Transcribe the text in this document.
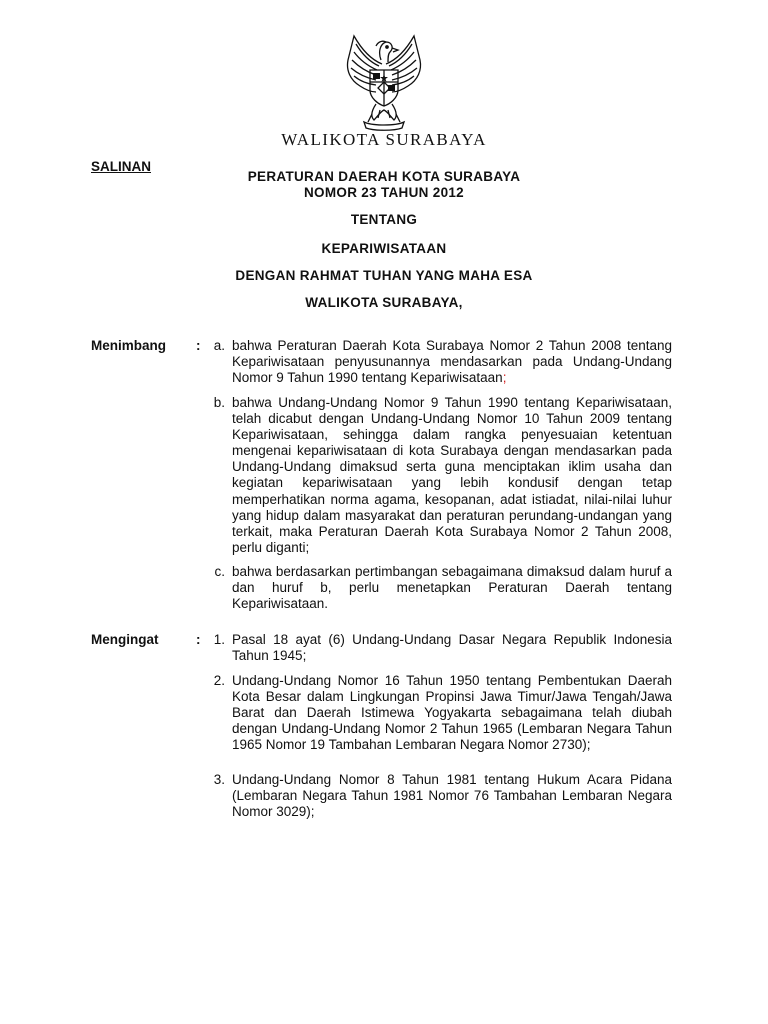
WALIKOTA SURABAYA
SALINAN
PERATURAN DAERAH KOTA SURABAYA
NOMOR 23 TAHUN 2012
TENTANG
KEPARIWISATAAN
DENGAN RAHMAT TUHAN YANG MAHA ESA
WALIKOTA SURABAYA,
Menimbang : a. bahwa Peraturan Daerah Kota Surabaya Nomor 2 Tahun 2008 tentang Kepariwisataan penyusunannya mendasarkan pada Undang-Undang Nomor 9 Tahun 1990 tentang Kepariwisataan;
b. bahwa Undang-Undang Nomor 9 Tahun 1990 tentang Kepariwisataan, telah dicabut dengan Undang-Undang Nomor 10 Tahun 2009 tentang Kepariwisataan, sehingga dalam rangka penyesuaian ketentuan mengenai kepariwisataan di kota Surabaya dengan mendasarkan pada Undang-Undang dimaksud serta guna menciptakan iklim usaha dan kegiatan kepariwisataan yang lebih kondusif dengan tetap memperhatikan norma agama, kesopanan, adat istiadat, nilai-nilai luhur yang hidup dalam masyarakat dan peraturan perundang-undangan yang terkait, maka Peraturan Daerah Kota Surabaya Nomor 2 Tahun 2008, perlu diganti;
c. bahwa berdasarkan pertimbangan sebagaimana dimaksud dalam huruf a dan huruf b, perlu menetapkan Peraturan Daerah tentang Kepariwisataan.
Mengingat	: 1. Pasal 18 ayat (6) Undang-Undang Dasar Negara Republik Indonesia Tahun 1945;
2. Undang-Undang Nomor 16 Tahun 1950 tentang Pembentukan Daerah Kota Besar dalam Lingkungan Propinsi Jawa Timur/Jawa Tengah/Jawa Barat dan Daerah Istimewa Yogyakarta sebagaimana telah diubah dengan Undang-Undang Nomor 2 Tahun 1965 (Lembaran Negara Tahun 1965 Nomor 19 Tambahan Lembaran Negara Nomor 2730);
3. Undang-Undang Nomor 8 Tahun 1981 tentang Hukum Acara Pidana (Lembaran Negara Tahun 1981 Nomor 76 Tambahan Lembaran Negara Nomor 3029);
